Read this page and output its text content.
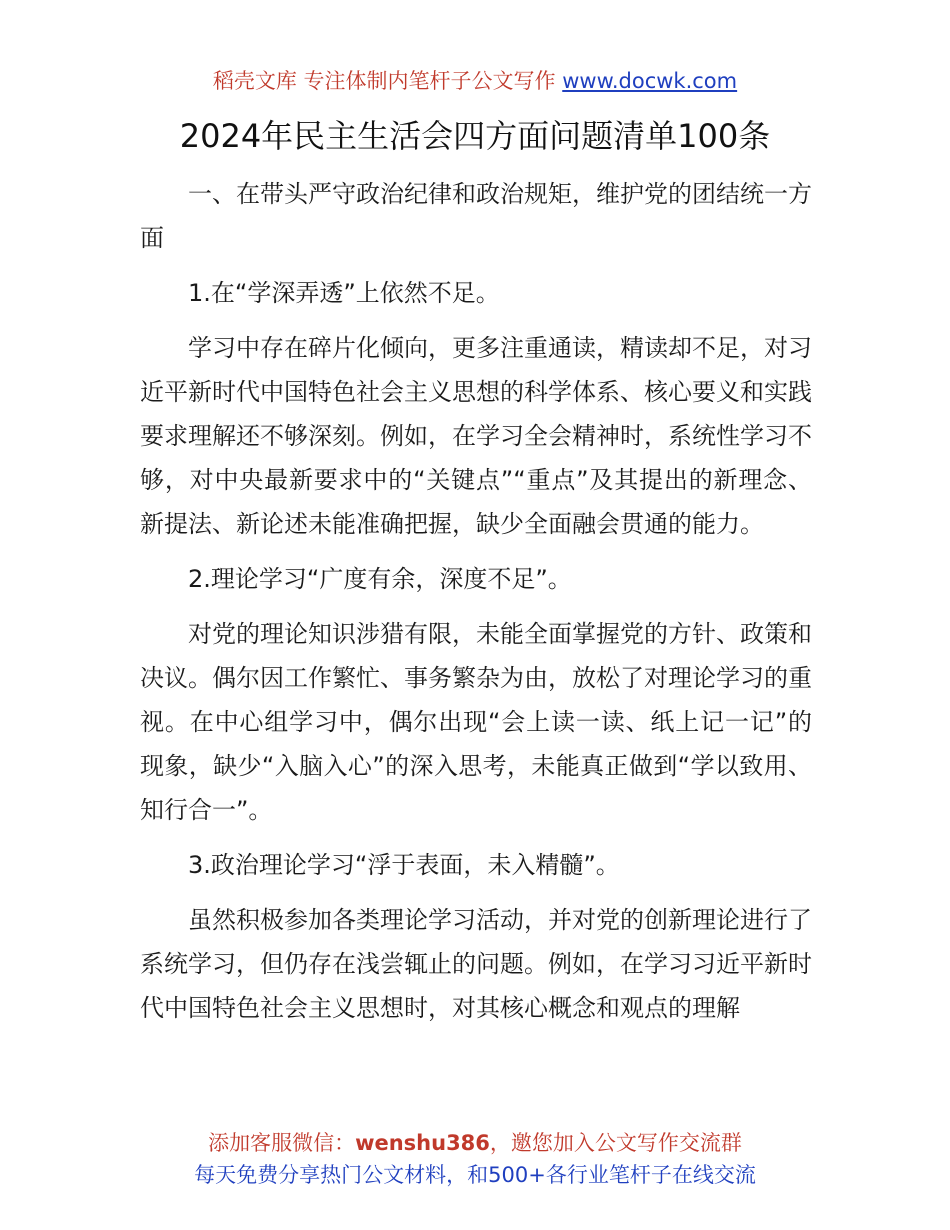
稻壳文库 专注体制内笔杆子公文写作 www.docwk.com
2024年民主生活会四方面问题清单100条

一、在带头严守政治纪律和政治规矩，维护党的团结统一方面

1.在“学深弄透”上依然不足。

学习中存在碎片化倾向，更多注重通读，精读却不足，对习近平新时代中国特色社会主义思想的科学体系、核心要义和实践要求理解还不够深刻。例如，在学习全会精神时，系统性学习不够，对中央最新要求中的“关键点”“重点”及其提出的新理念、新提法、新论述未能准确把握，缺少全面融会贯通的能力。

2.理论学习“广度有余，深度不足”。

对党的理论知识涉猎有限，未能全面掌握党的方针、政策和决议。偶尔因工作繁忙、事务繁杂为由，放松了对理论学习的重视。在中心组学习中，偶尔出现“会上读一读、纸上记一记”的现象，缺少“入脑入心”的深入思考，未能真正做到“学以致用、知行合一”。

3.政治理论学习“浮于表面，未入精髓”。

虽然积极参加各类理论学习活动，并对党的创新理论进行了系统学习，但仍存在浅尝辄止的问题。例如，在学习习近平新时代中国特色社会主义思想时，对其核心概念和观点的理解

添加客服微信：wenshu386，邀您加入公文写作交流群
每天免费分享热门公文材料，和500+各行业笔杆子在线交流
